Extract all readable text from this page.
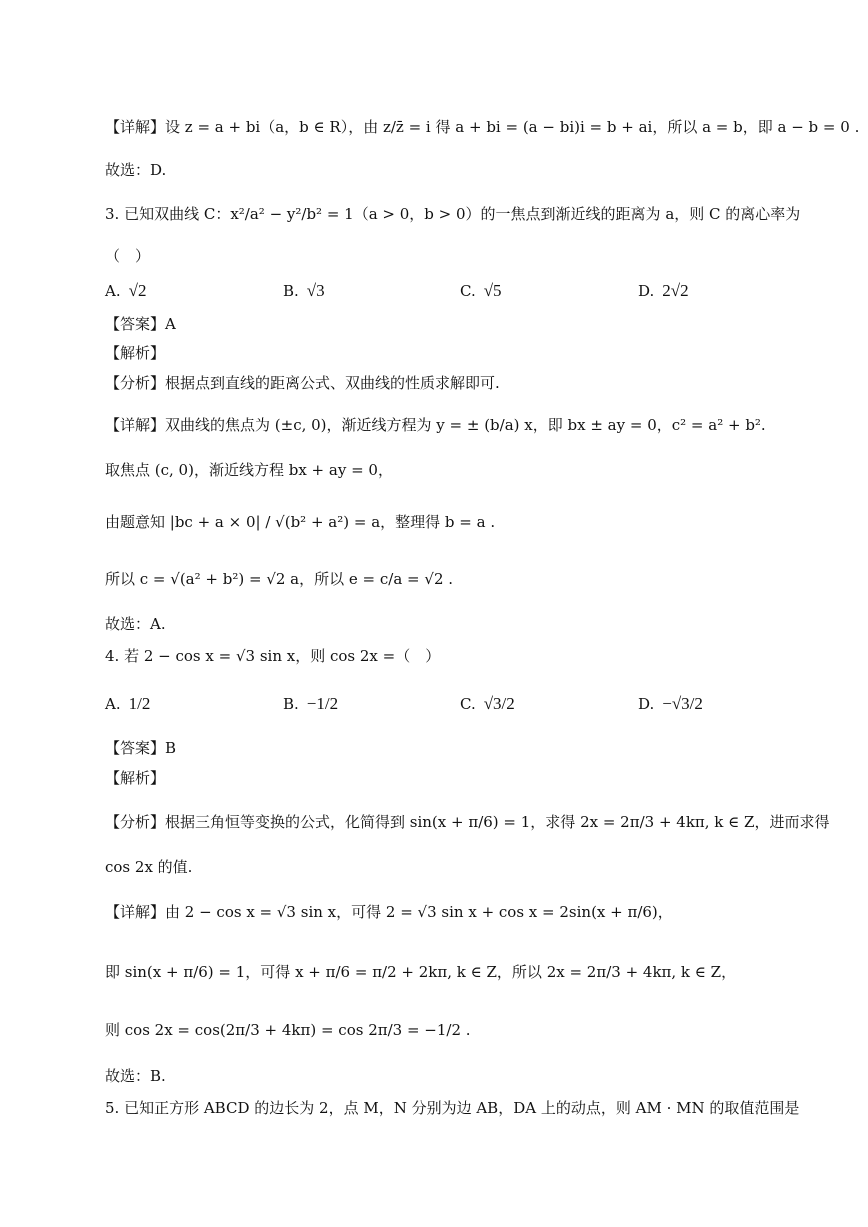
【详解】设 z = a + bi（a，b ∈ R），由 z/z̄ = i 得 a + bi = (a − bi)i = b + ai，所以 a = b，即 a − b = 0 .
故选：D.
3. 已知双曲线 C：x²/a² − y²/b² = 1（a > 0，b > 0）的一焦点到渐近线的距离为 a，则 C 的离心率为
（　）
A. √2	B. √3	C. √5	D. 2√2
【答案】A
【解析】
【分析】根据点到直线的距离公式、双曲线的性质求解即可.
【详解】双曲线的焦点为 (±c, 0)，渐近线方程为 y = ± (b/a) x，即 bx ± ay = 0，c² = a² + b².
取焦点 (c, 0)，渐近线方程 bx + ay = 0，
由题意知 |bc + a × 0| / √(b² + a²) = a，整理得 b = a .
所以 c = √(a² + b²) = √2 a，所以 e = c/a = √2 .
故选：A.
4. 若 2 − cos x = √3 sin x，则 cos 2x =（　）
A. 1/2	B. −1/2	C. √3/2	D. −√3/2
【答案】B
【解析】
【分析】根据三角恒等变换的公式，化简得到 sin(x + π/6) = 1，求得 2x = 2π/3 + 4kπ, k ∈ Z，进而求得
cos 2x 的值.
【详解】由 2 − cos x = √3 sin x，可得 2 = √3 sin x + cos x = 2sin(x + π/6)，
即 sin(x + π/6) = 1，可得 x + π/6 = π/2 + 2kπ, k ∈ Z，所以 2x = 2π/3 + 4kπ, k ∈ Z，
则 cos 2x = cos(2π/3 + 4kπ) = cos 2π/3 = −1/2 .
故选：B.
5. 已知正方形 ABCD 的边长为 2，点 M，N 分别为边 AB，DA 上的动点，则 AM · MN 的取值范围是
